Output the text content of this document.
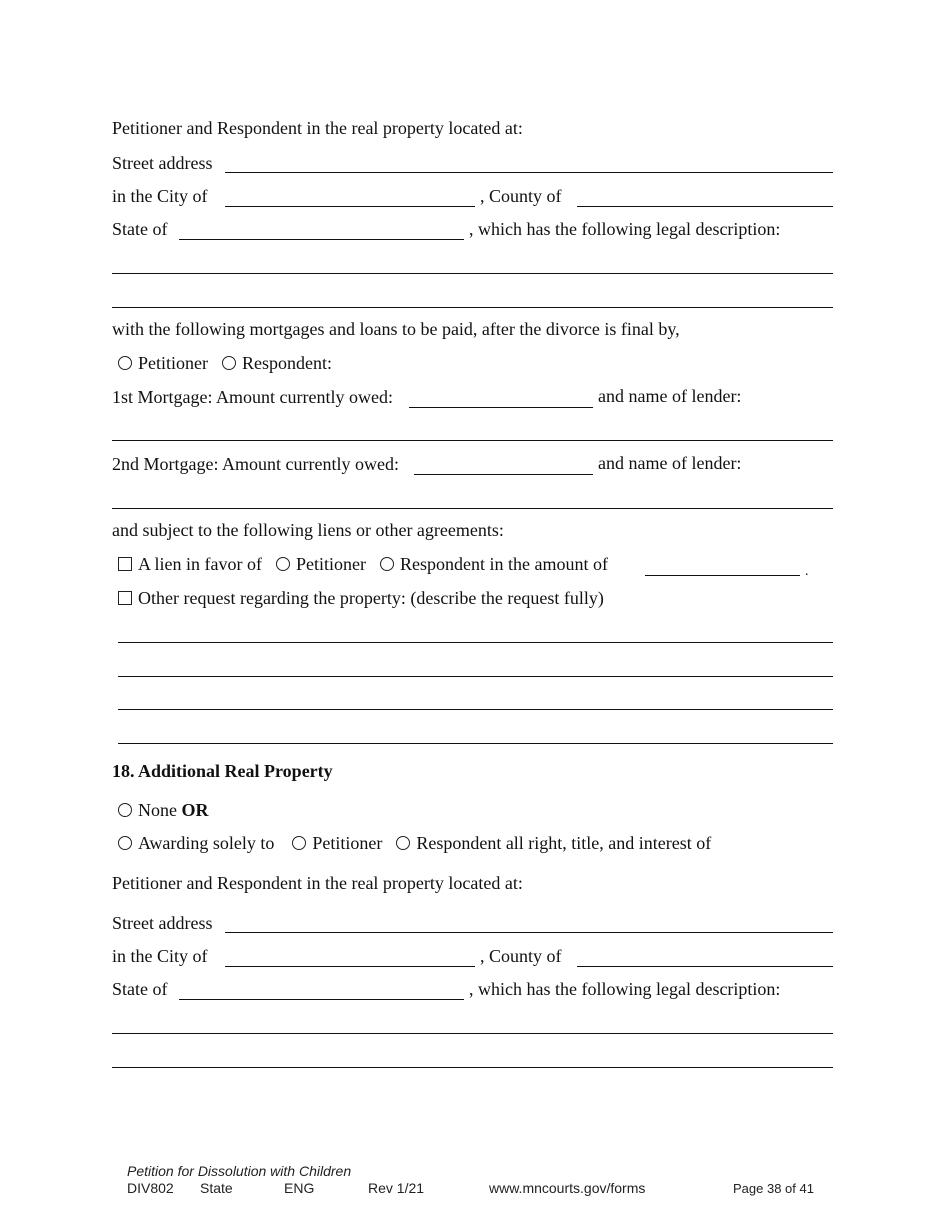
Petitioner and Respondent in the real property located at:
Street address
in the City of	, County of
State of	, which has the following legal description:
with the following mortgages and loans to be paid, after the divorce is final by,
Petitioner Respondent:
1st Mortgage: Amount currently owed:	and name of lender:
2nd Mortgage: Amount currently owed:	and name of lender:
and subject to the following liens or other agreements:
A lien in favor of Petitioner Respondent in the amount of	.
Other request regarding the property: (describe the request fully)
18. Additional Real Property
None OR
Awarding solely to Petitioner Respondent all right, title, and interest of
Petitioner and Respondent in the real property located at:
Street address
in the City of	, County of
State of	, which has the following legal description:
Petition for Dissolution with Children
DIV802 State	ENG	Rev 1/21	www.mncourts.gov/forms	Page 38 of 41
